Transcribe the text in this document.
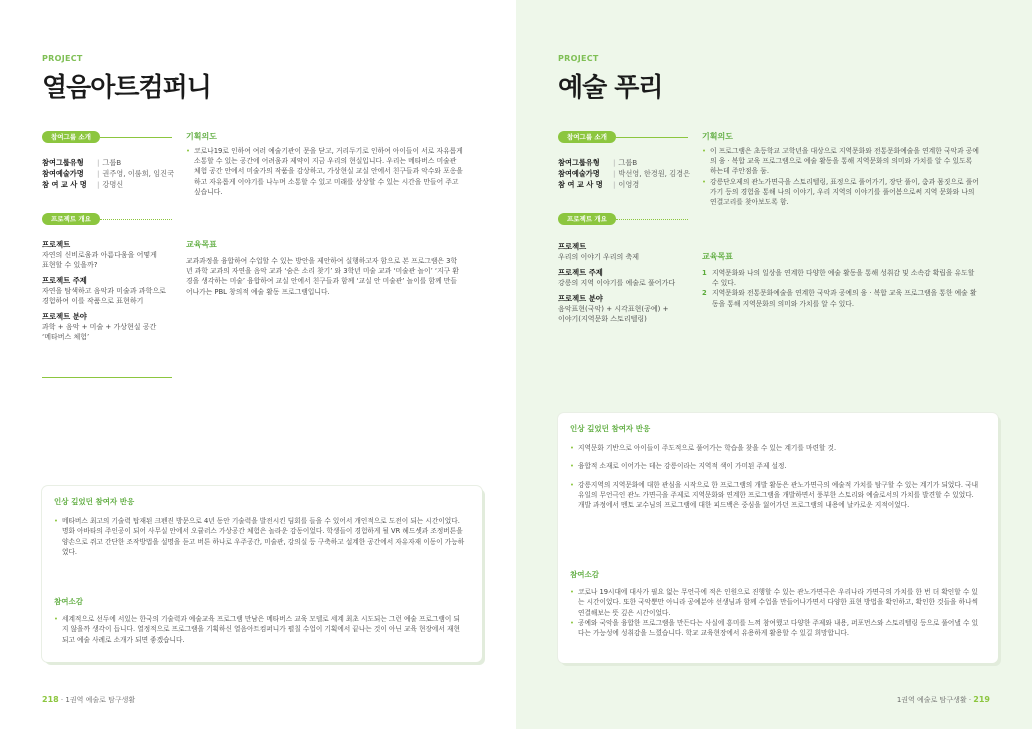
PROJECT
열음아트컴퍼니
참여그룹 소개
참여그룹유형 | 그룹B
참여예술가명 | 권주영, 이룸희, 임진국
참 여 교 사 명 | 강명신
프로젝트 개요
프로젝트
자연의 신비로움과 아름다움을 어떻게
표현할 수 있을까?
프로젝트 주제
자연을 탐색하고 음악과 미술과 과학으로
경험하여 이를 작품으로 표현하기
프로젝트 분야
과학 + 음악 + 미술 + 가상현실 공간
‘메타버스 체험’
기획의도
• 코로나19로 인하여 여러 예술기관이 문을 닫고, 거리두기로 인하여 아이들이 서로 자유롭게 소통할 수 있는 공간에 어려움과 제약이 지금 우리의 현실입니다. 우리는 메타버스 미술관 체험 공간 안에서 미술가의 작품을 감상하고, 가상현실 교실 안에서 친구들과 악수와 포옹을 하고 자유롭게 이야기를 나누며 소통할 수 있고 미래를 상상할 수 있는 시간을 만들어 주고 싶습니다.
교육목표
교과과정을 융합하여 수업할 수 있는 방안을 제안하여 실행하고자 함으로 본 프로그램은 3학년 과학 교과의 자연을 음악 교과 ‘숨은 소리 찾기’ 와 3학년 미술 교과 ‘미술관 놀이’ ‘지구 환경을 생각하는 미술’ 융합하여 교실 안에서 친구들과 함께 ‘교실 안 미술관’ 놀이를 함께 만들어나가는 PBL 창의적 예술 활동 프로그램입니다.
인상 깊었던 참여자 반응
• 메타버스 최고의 기술력 탑재된 크펜진 방문으로 4년 동안 기술력을 발전시킨 딤회를 들을 수 있어서 개인적으로 도전이 되는 시간이었다. 명화 아바타의 주인공이 되어 사무실 안에서 오큘러스 가상공간 체험은 놀라운 감동이었다. 학생들이 경험하게 될 VR 헤드셋과 조정버튼을 양손으로 쥐고 간단한 조작방법을 설명을 듣고 버튼 하나로 우주공간, 미술관, 강의실 등 구축하고 설계한 공간에서 자유자재 이동이 가능하였다.
참여소감
• 세계적으로 선두에 서있는 한국의 기술력과 예술교육 프로그램 만남은 메타버스 교육 모델로 세계 최초 시도되는 그런 예술 프로그램이 되지 않을까 생각이 듭니다. 열정적으로 프로그램을 기획하신 열음아트컴퍼니가 펼칠 수업이 기획에서 끝나는 것이 아닌 교육 현장에서 재현되고 예술 사례로 소개가 되면 좋겠습니다.
218 · 1권역 예술로 탐구생활
PROJECT
예술 푸리
참여그룹 소개
참여그룹유형 | 그룹B
참여예술가명 | 박선영, 한경원, 김경은
참 여 교 사 명 | 이영경
프로젝트 개요
프로젝트
우리의 이야기 우리의 축제
프로젝트 주제
강릉의 지역 이야기를 예술로 풀어가다
프로젝트 분야
음악표현(국악) + 시각표현(공예) +
이야기(지역문화 스토리텔링)
기획의도
• 이 프로그램은 초등학교 고학년을 대상으로 지역문화와 전통문화예술을 연계한 국악과 공예의 융 · 복합 교육 프로그램으로 예술 활동을 통해 지역문화의 의미와 가치를 알 수 있도록 하는데 주안점을 둠.
• 강릉단오제의 관노가면극을 스토리텔링, 표정으로 풀어가기, 장단 풀이, 춤과 몸짓으로 풀어가기 등의 경험을 통해 나의 이야기, 우리 지역의 이야기를 풀어봄으로써 지역 문화와 나의 연결고리를 찾아보도록 함.
교육목표
1 지역문화와 나의 일상을 연계한 다양한 예술 활동을 통해 성취감 및 소속감 확립을 유도할 수 있다.
2 지역문화와 전통문화예술을 연계한 국악과 공예의 융 · 복합 교육 프로그램을 통한 예술 활동을 통해 지역문화의 의미와 가치를 알 수 있다.
인상 깊었던 참여자 반응
• 지역문화 기반으로 아이들이 주도적으로 풀어가는 학습을 찾을 수 있는 계기를 마련할 것.
• 융합적 소재로 이어가는 데는 강릉이라는 지역적 색이 가미된 주제 설정.
• 강릉지역의 지역문화에 대한 관심을 시작으로 한 프로그램의 개발 활동은 관노가면극의 예술적 가치를 탐구할 수 있는 계기가 되었다. 국내 유일의 무언극인 관노 가면극을 주제로 지역문화와 연계한 프로그램을 개발하면서 풍부한 스토리와 예술로서의 가치를 발견할 수 있었다. 개발 과정에서 멘토 교수님의 프로그램에 대한 피드백은 중심을 잃어가던 프로그램의 내용에 날카로운 지적이었다.
참여소감
• 코로나 19시대에 대사가 필요 없는 무언극에 적은 인원으로 진행할 수 있는 관노가면극은 우리나라 가면극의 가치를 한 번 더 확인할 수 있는 시간이었다. 또한 국악뿐만 아니라 공예분야 선생님과 함께 수업을 만들어나가면서 다양한 표현 방법을 확인하고, 확인한 것들을 하나씩 연결해보는 뜻 깊은 시간이었다.
• 공예와 국악을 융합한 프로그램을 만든다는 사실에 흥미를 느껴 참여했고 다양한 주제와 내용, 퍼포먼스와 스토리텔링 등으로 풀어낼 수 있다는 가능성에 성취감을 느꼈습니다. 학교 교육현장에서 유용하게 활용할 수 있길 희망합니다.
1권역 예술로 탐구생활 · 219
